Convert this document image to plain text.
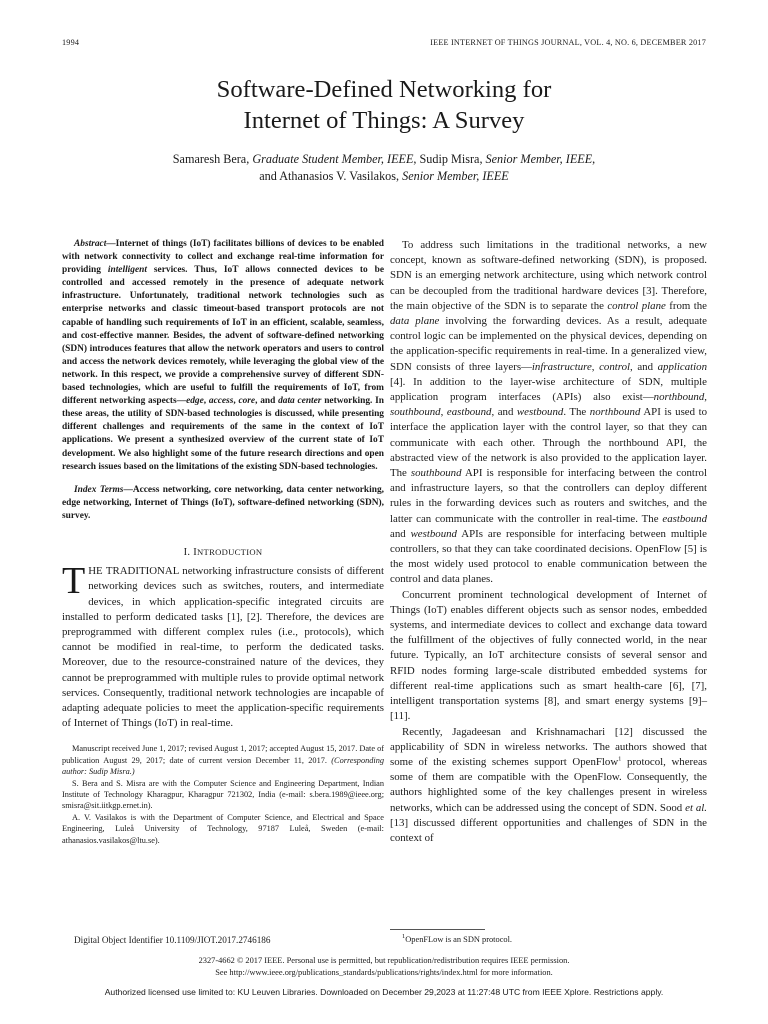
1994	IEEE INTERNET OF THINGS JOURNAL, VOL. 4, NO. 6, DECEMBER 2017
Software-Defined Networking for
Internet of Things: A Survey
Samaresh Bera, Graduate Student Member, IEEE, Sudip Misra, Senior Member, IEEE,
and Athanasios V. Vasilakos, Senior Member, IEEE

Abstract—Internet of things (IoT) facilitates billions of devices to be enabled with network connectivity to collect and exchange real-time information for providing intelligent services. Thus, IoT allows connected devices to be controlled and accessed remotely in the presence of adequate network infrastructure. Unfortunately, traditional network technologies such as enterprise networks and classic timeout-based transport protocols are not capable of handling such requirements of IoT in an efficient, scalable, seamless, and cost-effective manner. Besides, the advent of software-defined networking (SDN) introduces features that allow the network operators and users to control and access the network devices remotely, while leveraging the global view of the network. In this respect, we provide a comprehensive survey of different SDN-based technologies, which are useful to fulfill the requirements of IoT, from different networking aspects—edge, access, core, and data center networking. In these areas, the utility of SDN-based technologies is discussed, while presenting different challenges and requirements of the same in the context of IoT applications. We present a synthesized overview of the current state of IoT development. We also highlight some of the future research directions and open research issues based on the limitations of the existing SDN-based technologies.

Index Terms—Access networking, core networking, data center networking, edge networking, Internet of Things (IoT), software-defined networking (SDN), survey.

I. INTRODUCTION

THE TRADITIONAL networking infrastructure consists of different networking devices such as switches, routers, and intermediate devices, in which application-specific integrated circuits are installed to perform dedicated tasks [1], [2]. Therefore, the devices are preprogrammed with different complex rules (i.e., protocols), which cannot be modified in real-time, to perform the dedicated tasks. Moreover, due to the resource-constrained nature of the devices, they cannot be preprogrammed with multiple rules to provide optimal network services. Consequently, traditional network technologies are incapable of adapting adequate policies to meet the application-specific requirements of Internet of Things (IoT) in real-time.

Manuscript received June 1, 2017; revised August 1, 2017; accepted August 15, 2017. Date of publication August 29, 2017; date of current version December 11, 2017. (Corresponding author: Sudip Misra.)

S. Bera and S. Misra are with the Computer Science and Engineering Department, Indian Institute of Technology Kharagpur, Kharagpur 721302, India (e-mail: s.bera.1989@ieee.org; smisra@sit.iitkgp.ernet.in).

A. V. Vasilakos is with the Department of Computer Science, and Electrical and Space Engineering, Luleå University of Technology, 97187 Luleå, Sweden (e-mail: athanasios.vasilakos@ltu.se).

Digital Object Identifier 10.1109/JIOT.2017.2746186

To address such limitations in the traditional networks, a new concept, known as software-defined networking (SDN), is proposed. SDN is an emerging network architecture, using which network control can be decoupled from the traditional hardware devices [3]. Therefore, the main objective of the SDN is to separate the control plane from the data plane involving the forwarding devices. As a result, adequate control logic can be implemented on the physical devices, depending on the application-specific requirements in real-time. In a generalized view, SDN consists of three layers—infrastructure, control, and application [4]. In addition to the layer-wise architecture of SDN, multiple application program interfaces (APIs) also exist—northbound, southbound, eastbound, and westbound. The northbound API is used to interface the application layer with the control layer, so that they can communicate with each other. Through the northbound API, the abstracted view of the network is also provided to the application layer. The southbound API is responsible for interfacing between the control and infrastructure layers, so that the controllers can deploy different rules in the forwarding devices such as routers and switches, and the latter can communicate with the controller in real-time. The eastbound and westbound APIs are responsible for interfacing between multiple controllers, so that they can take coordinated decisions. OpenFlow [5] is the most widely used protocol to enable communication between the control and data planes.

Concurrent prominent technological development of Internet of Things (IoT) enables different objects such as sensor nodes, embedded systems, and intermediate devices to collect and exchange data toward the fulfillment of the objectives of fully connected world, in the near future. Typically, an IoT architecture consists of several sensor and RFID nodes forming large-scale distributed embedded systems for different real-time applications such as smart health-care [6], [7], intelligent transportation systems [8], and smart energy systems [9]–[11].

Recently, Jagadeesan and Krishnamachari [12] discussed the applicability of SDN in wireless networks. The authors showed that some of the existing schemes support OpenFlow$^1$ protocol, whereas some of them are compatible with the OpenFlow. Consequently, the authors highlighted some of the key challenges present in wireless networks, which can be addressed using the concept of SDN. Sood et al. [13] discussed different opportunities and challenges of SDN in the context of

$^1$OpenFLow is an SDN protocol.
2327-4662 © 2017 IEEE. Personal use is permitted, but republication/redistribution requires IEEE permission.
See http://www.ieee.org/publications_standards/publications/rights/index.html for more information.
Authorized licensed use limited to: KU Leuven Libraries. Downloaded on December 29,2023 at 11:27:48 UTC from IEEE Xplore. Restrictions apply.
